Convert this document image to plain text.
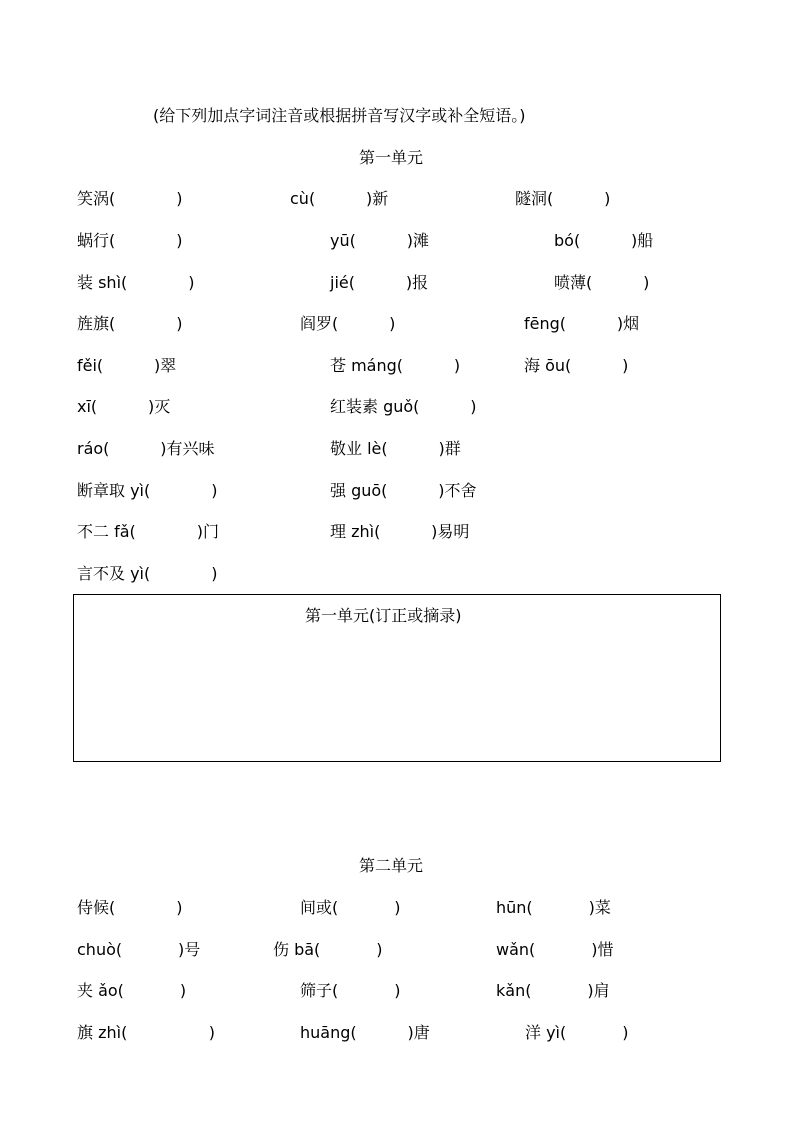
(给下列加点字词注音或根据拼音写汉字或补全短语。)
第一单元
笑涡(            )	cù(          )新	隧洞(          )
蜗行(            )	yū(          )滩	bó(          )船
装 shì(            )	jié(          )报	喷薄(          )
旌旗(            )	阎罗(          )	fēng(          )烟
fěi(          )翠	苍 máng(          )	海 ōu(          )
xī(          )灭	红装素 guǒ(          )
ráo(          )有兴味	敬业 lè(          )群
断章取 yì(            )	强 guō(          )不舍
不二 fǎ(            )门	理 zhì(          )易明
言不及 yì(            )
第一单元(订正或摘录)
第二单元
侍候(            )	间或(           )	hūn(           )菜
chuò(           )号	伤 bā(           )	wǎn(           )惜
夹 ǎo(           )	筛子(           )	kǎn(           )肩
旗 zhì(                )	huāng(          )唐	洋 yì(           )
